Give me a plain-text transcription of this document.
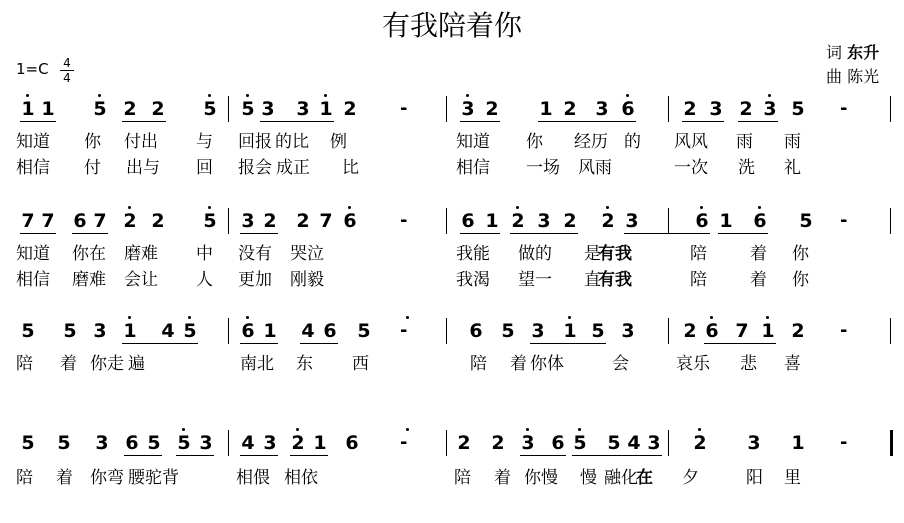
有我陪着你
词 东升
曲 陈光
1=C 4
4
1 1 5 2 2 5 5 3 3 1 2 -	3 2 1 2 3 6	2 3 2 3 5 -
知道 你 付出 与 回报 的比 例	知道 你 经历 的 风风 雨 雨
相信 付 出与 回 报会 成正 比	相信 一场 风雨	一次 洗 礼
7 7 6 7 2 2 5 3 2 2 7 6 -	6 1 2 3 2 2 3	6 1 6 5 -
知道 你在 磨难 中 没有 哭泣	我能 做的 是
有我	陪	着 你
相信 磨难 会让 人 更加 刚毅	我渴 望一 直
有我	陪	着 你
5 5 3 1 4 5 6 1 4 6 5 -	6 5 3 1 5 3	2 6 7 1 2 -
陪 着 你走 遍	南北 东 西	陪 着 你体	会	哀乐 悲 喜
5 5 3 6 5 5 3 4 3 2 1 6 -	2 2 3 6 5 5 4 3 2 3 1 -
陪 着 你弯 腰驼背	相偎 相依	陪 着 你慢 慢 融化
在 夕	阳 里
